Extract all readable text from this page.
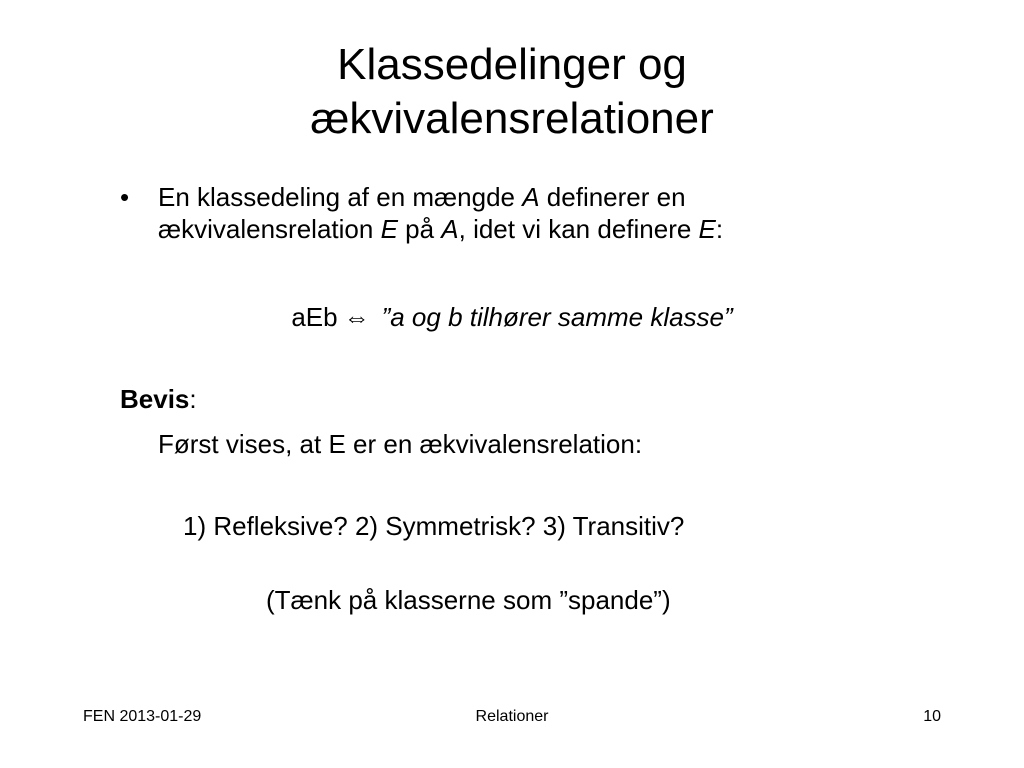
Klassedelinger og
ækvivalensrelationer
• En klassedeling af en mængde A definerer en
ækvivalensrelation E på A, idet vi kan definere E:
aEb ⇔ ”a og b tilhører samme klasse”
Bevis:
Først vises, at E er en ækvivalensrelation:
1) Refleksive? 2) Symmetrisk? 3) Transitiv?
(Tænk på klasserne som ”spande”)
FEN 2013-01-29	Relationer	10
